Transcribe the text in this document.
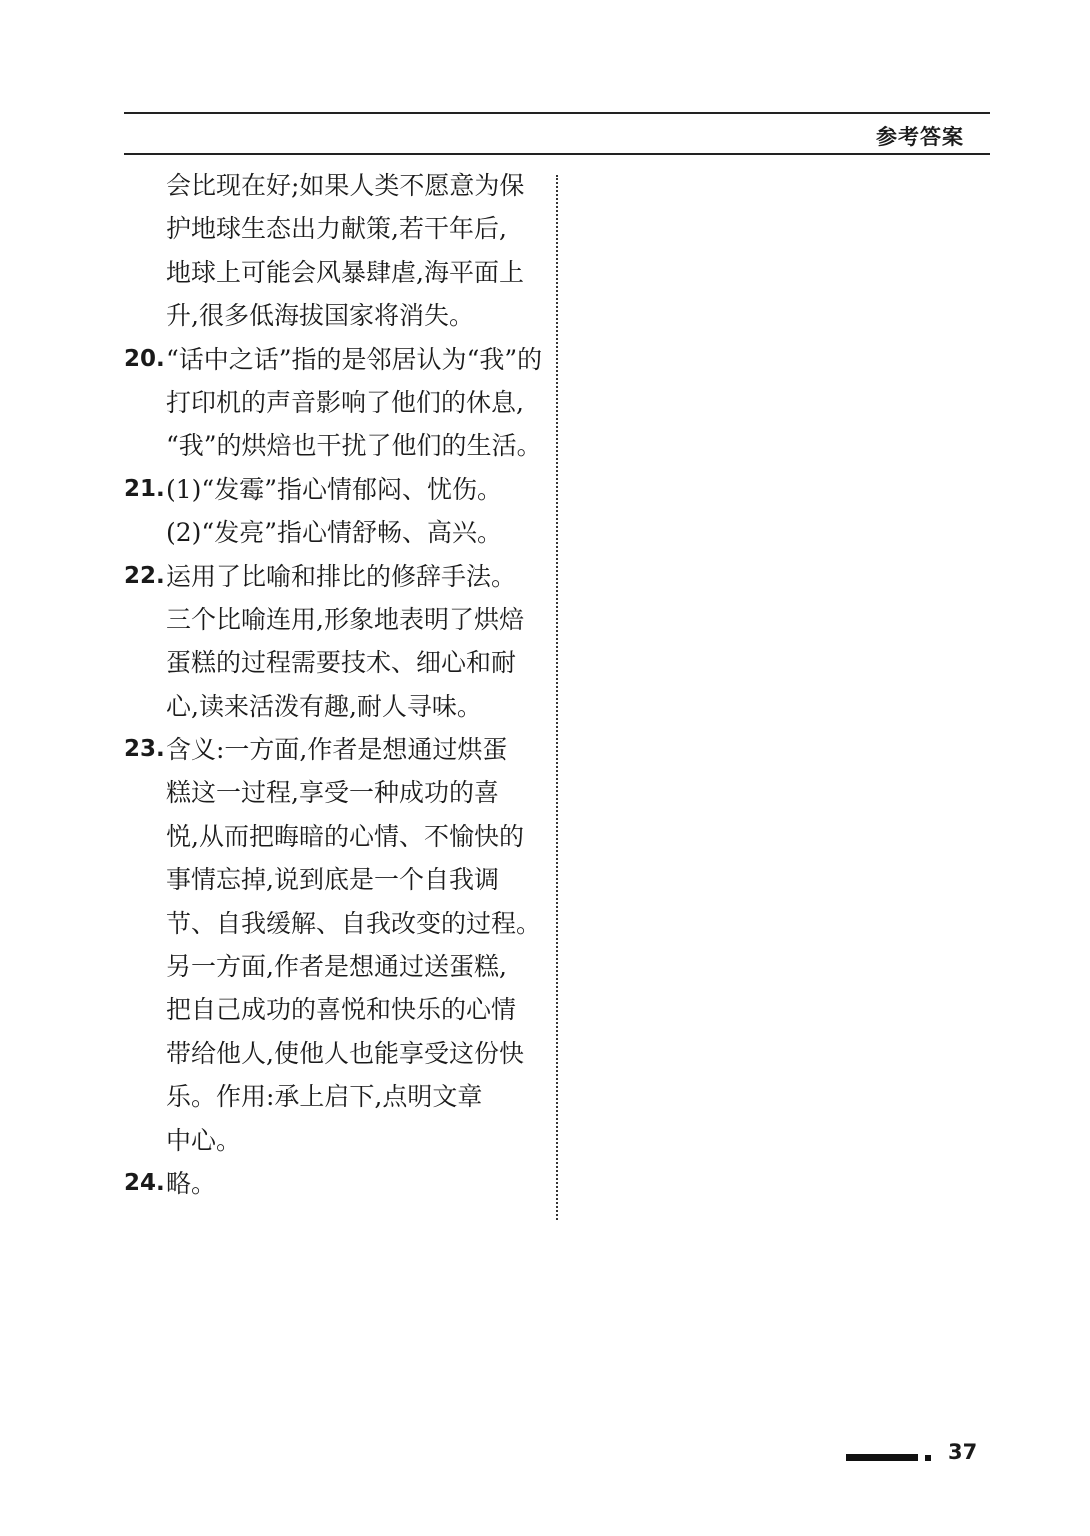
参考答案
会比现在好;如果人类不愿意为保
护地球生态出力献策,若干年后,
地球上可能会风暴肆虐,海平面上
升,很多低海拔国家将消失。
20. “话中之话”指的是邻居认为“我”的
打印机的声音影响了他们的休息,
“我”的烘焙也干扰了他们的生活。
21. (1)“发霉”指心情郁闷、忧伤。
(2)“发亮”指心情舒畅、高兴。
22. 运用了比喻和排比的修辞手法。
三个比喻连用,形象地表明了烘焙
蛋糕的过程需要技术、细心和耐
心,读来活泼有趣,耐人寻味。
23. 含义:一方面,作者是想通过烘蛋
糕这一过程,享受一种成功的喜
悦,从而把晦暗的心情、不愉快的
事情忘掉,说到底是一个自我调
节、自我缓解、自我改变的过程。
另一方面,作者是想通过送蛋糕,
把自己成功的喜悦和快乐的心情
带给他人,使他人也能享受这份快
乐。作用:承上启下,点明文章
中心。
24. 略。
37
